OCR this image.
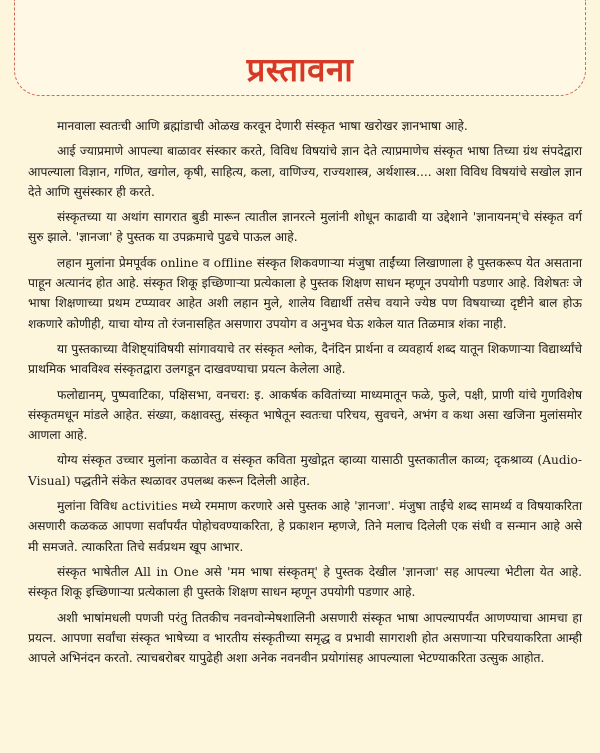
प्रस्तावना

मानवाला स्वतःची आणि ब्रह्मांडाची ओळख करवून देणारी संस्कृत भाषा खरोखर ज्ञानभाषा आहे.

आई ज्याप्रमाणे आपल्या बाळावर संस्कार करते, विविध विषयांचे ज्ञान देते त्याप्रमाणेच संस्कृत भाषा तिच्या ग्रंथ संपदेद्वारा आपल्याला विज्ञान, गणित, खगोल, कृषी, साहित्य, कला, वाणिज्य, राज्यशास्त्र, अर्थशास्त्र.... अशा विविध विषयांचे सखोल ज्ञान देते आणि सुसंस्कार ही करते.

संस्कृतच्या या अथांग सागरात बुडी मारून त्यातील ज्ञानरत्ने मुलांनी शोधून काढावी या उद्देशाने 'ज्ञानायनम्'चे संस्कृत वर्ग सुरु झाले. 'ज्ञानजा' हे पुस्तक या उपक्रमाचे पुढचे पाऊल आहे.

लहान मुलांना प्रेमपूर्वक online व offline संस्कृत शिकवणाऱ्या मंजुषा ताईंच्या लिखाणाला हे पुस्तकरूप येत असताना पाहून अत्यानंद होत आहे. संस्कृत शिकू इच्छिणाऱ्या प्रत्येकाला हे पुस्तक शिक्षण साधन म्हणून उपयोगी पडणार आहे. विशेषतः जे भाषा शिक्षणाच्या प्रथम टप्प्यावर आहेत अशी लहान मुले, शालेय विद्यार्थी तसेच वयाने ज्येष्ठ पण विषयाच्या दृष्टीने बाल होऊ शकणारे कोणीही, याचा योग्य तो रंजनासहित असणारा उपयोग व अनुभव घेऊ शकेल यात तिळमात्र शंका नाही.

या पुस्तकाच्या वैशिष्ट्यांविषयी सांगावयाचे तर संस्कृत श्लोक, दैनंदिन प्रार्थना व व्यवहार्य शब्द यातून शिकणाऱ्या विद्यार्थ्यांचे प्राथमिक भावविश्व संस्कृतद्वारा उलगडून दाखवण्याचा प्रयत्न केलेला आहे.

फलोद्यानम्, पुष्पवाटिका, पक्षिसभा, वनचरा: इ. आकर्षक कवितांच्या माध्यमातून फळे, फुले, पक्षी, प्राणी यांचे गुणविशेष संस्कृतमधून मांडले आहेत. संख्या, कक्षावस्तु, संस्कृत भाषेतून स्वतःचा परिचय, सुवचने, अभंग व कथा असा खजिना मुलांसमोर आणला आहे.

योग्य संस्कृत उच्चार मुलांना कळावेत व संस्कृत कविता मुखोद्गत व्हाव्या यासाठी पुस्तकातील काव्य; दृकश्राव्य (Audio-Visual) पद्धतीने संकेत स्थळावर उपलब्ध करून दिलेली आहेत.

मुलांना विविध activities मध्ये रममाण करणारे असे पुस्तक आहे 'ज्ञानजा'. मंजुषा ताईंचे शब्द सामर्थ्य व विषयाकरिता असणारी कळकळ आपणा सर्वांपर्यंत पोहोचवण्याकरिता, हे प्रकाशन म्हणजे, तिने मलाच दिलेली एक संधी व सन्मान आहे असे मी समजते. त्याकरिता तिचे सर्वप्रथम खूप आभार.

संस्कृत भाषेतील All in One असे 'मम भाषा संस्कृतम्' हे पुस्तक देखील 'ज्ञानजा' सह आपल्या भेटीला येत आहे. संस्कृत शिकू इच्छिणाऱ्या प्रत्येकाला ही पुस्तके शिक्षण साधन म्हणून उपयोगी पडणार आहे.

अशी भाषांमधली पणजी परंतु तितकीच नवनवोन्मेषशालिनी असणारी संस्कृत भाषा आपल्यापर्यंत आणण्याचा आमचा हा प्रयत्न. आपणा सर्वांचा संस्कृत भाषेच्या व भारतीय संस्कृतीच्या समृद्ध व प्रभावी सागराशी होत असणाऱ्या परिचयाकरिता आम्ही आपले अभिनंदन करतो. त्याचबरोबर यापुढेही अशा अनेक नवनवीन प्रयोगांसह आपल्याला भेटण्याकरिता उत्सुक आहोत.
